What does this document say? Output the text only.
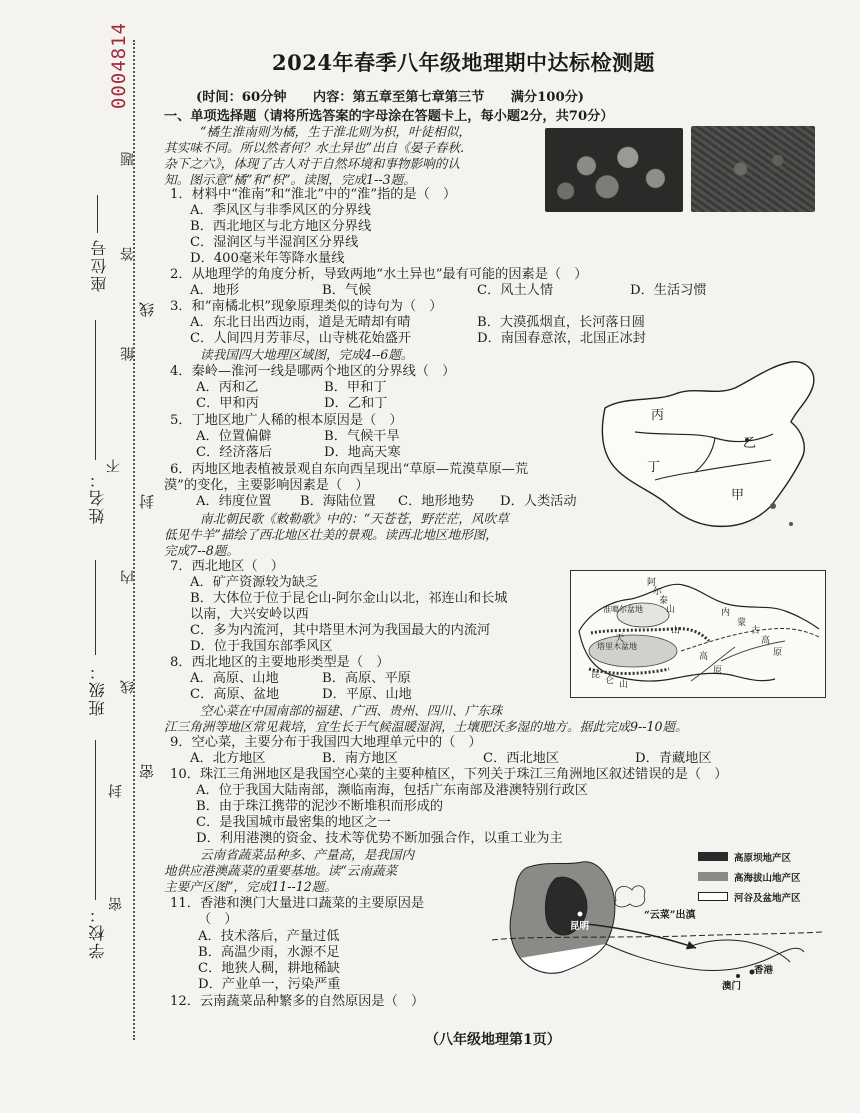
0004814
座位号
姓名：
班级：
学校：
题
答
线
能
不
封
内
线
封
密
密
2024年春季八年级地理期中达标检测题
(时间：60分钟　　内容：第五章至第七章第三节　　满分100分)
一、单项选择题（请将所选答案的字母涂在答题卡上，每小题2分，共70分）
“橘生淮南则为橘，生于淮北则为枳，叶徒相似，
其实味不同。所以然者何？水土异也”出自《晏子春秋.
杂下之六》，体现了古人对于自然环境和事物影响的认
知。图示意“橘”和“枳”。读图，完成1--3题。
1．材料中“淮南”和“淮北”中的“淮”指的是（　）
A．季风区与非季风区的分界线
B．西北地区与北方地区分界线
C．湿润区与半湿润区分界线
D．400毫米年等降水量线
2．从地理学的角度分析，导致两地“水土异也”最有可能的因素是（　）
A．地形	B．气候	C．风土人情	D．生活习惯
3．和“南橘北枳”现象原理类似的诗句为（　）
A．东北日出西边雨，道是无晴却有晴	B．大漠孤烟直，长河落日圆
C．人间四月芳菲尽，山寺桃花始盛开	D．南国春意浓，北国正冰封
读我国四大地理区域图，完成4--6题。
4．秦岭—淮河一线是哪两个地区的分界线（　）
A．丙和乙	B．甲和丁
C．甲和丙	D．乙和丁
5．丁地区地广人稀的根本原因是（　）
A．位置偏僻	B．气候干旱
C．经济落后	D．地高天寒
6．丙地区地表植被景观自东向西呈现出“草原—荒漠草原—荒
漠”的变化，主要影响因素是（　）
A．纬度位置 B．海陆位置 C．地形地势 D．人类活动
丙
乙
丁
甲
南北朝民歌《敕勒歌》中的：“天苍苍，野茫茫，风吹草
低见牛羊”描绘了西北地区壮美的景观。读西北地区地形图，
完成7--8题。
7．西北地区（　）
A．矿产资源较为缺乏
B．大体位于位于昆仑山-阿尔金山以北，祁连山和长城
以南，大兴安岭以西
C．多为内流河，其中塔里木河为我国最大的内流河
D．位于我国东部季风区
8．西北地区的主要地形类型是（　）
A．高原、山地	B．高原、平原
C．高原、盆地	D．平原、山地
阿
尔
泰
山
准噶尔盆地
天
山
塔里木盆地
昆
仑 山
内
蒙
古
高
原
高
原
空心菜在中国南部的福建、广西、贵州、四川、广东珠
江三角洲等地区常见栽培，宜生长于气候温暖湿润，土壤肥沃多湿的地方。据此完成9--10题。
9．空心菜，主要分布于我国四大地理单元中的（　）
A．北方地区	B．南方地区	C．西北地区	D．青藏地区
10．珠江三角洲地区是我国空心菜的主要种植区，下列关于珠江三角洲地区叙述错误的是（　）
A．位于我国大陆南部，濒临南海，包括广东南部及港澳特别行政区
B．由于珠江携带的泥沙不断堆积而形成的
C．是我国城市最密集的地区之一
D．利用港澳的资金、技术等优势不断加强合作，以重工业为主
云南省蔬菜品种多、产量高，是我国内
地供应港澳蔬菜的重要基地。读“云南蔬菜
主要产区图”，完成11--12题。
11．香港和澳门大量进口蔬菜的主要原因是
（　）
A．技术落后，产量过低
B．高温少雨，水源不足
C．地狭人稠，耕地稀缺
D．产业单一，污染严重
12．云南蔬菜品种繁多的自然原因是（　）
高原坝地产区
高海拔山地产区
河谷及盆地产区
昆明
“云菜”出滇
香港
澳门
（八年级地理第1页）
